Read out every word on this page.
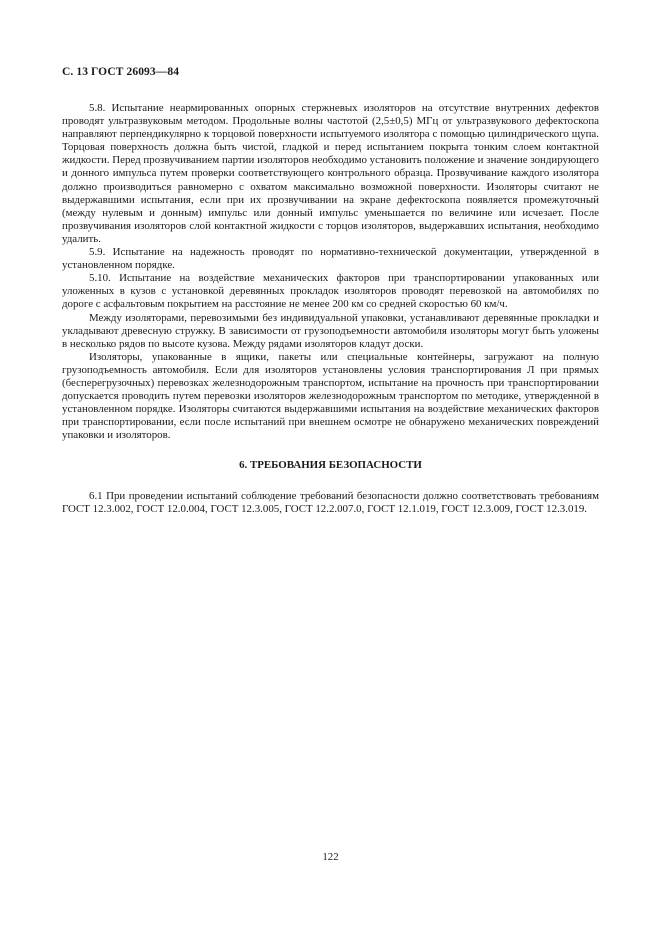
С. 13 ГОСТ 26093—84

5.8. Испытание неармированных опорных стержневых изоляторов на отсутствие внутренних дефектов проводят ультразвуковым методом. Продольные волны частотой (2,5±0,5) МГц от ультразвукового дефектоскопа направляют перпендикулярно к торцовой поверхности испытуемого изолятора с помощью цилиндрического щупа. Торцовая поверхность должна быть чистой, гладкой и перед испытанием покрыта тонким слоем контактной жидкости. Перед прозвучиванием партии изоляторов необходимо установить положение и значение зондирующего и донного импульса путем проверки соответствующего контрольного образца. Прозвучивание каждого изолятора должно производиться равномерно с охватом максимально возможной поверхности. Изоляторы считают не выдержавшими испытания, если при их прозвучивании на экране дефектоскопа появляется промежуточный (между нулевым и донным) импульс или донный импульс уменьшается по величине или исчезает. После прозвучивания изоляторов слой контактной жидкости с торцов изоляторов, выдержавших испытания, необходимо удалить.

5.9. Испытание на надежность проводят по нормативно-технической документации, утвержденной в установленном порядке.

5.10. Испытание на воздействие механических факторов при транспортировании упакованных или уложенных в кузов с установкой деревянных прокладок изоляторов проводят перевозкой на автомобилях по дороге с асфальтовым покрытием на расстояние не менее 200 км со средней скоростью 60 км/ч.

Между изоляторами, перевозимыми без индивидуальной упаковки, устанавливают деревянные прокладки и укладывают древесную стружку. В зависимости от грузоподъемности автомобиля изоляторы могут быть уложены в несколько рядов по высоте кузова. Между рядами изоляторов кладут доски.

Изоляторы, упакованные в ящики, пакеты или специальные контейнеры, загружают на полную грузоподъемность автомобиля. Если для изоляторов установлены условия транспортирования Л при прямых (бесперегрузочных) перевозках железнодорожным транспортом, испытание на прочность при транспортировании допускается проводить путем перевозки изоляторов железнодорожным транспортом по методике, утвержденной в установленном порядке. Изоляторы считаются выдержавшими испытания на воздействие механических факторов при транспортировании, если после испытаний при внешнем осмотре не обнаружено механических повреждений упаковки и изоляторов.

6. ТРЕБОВАНИЯ БЕЗОПАСНОСТИ

6.1 При проведении испытаний соблюдение требований безопасности должно соответствовать требованиям ГОСТ 12.3.002, ГОСТ 12.0.004, ГОСТ 12.3.005, ГОСТ 12.2.007.0, ГОСТ 12.1.019, ГОСТ 12.3.009, ГОСТ 12.3.019.

122
